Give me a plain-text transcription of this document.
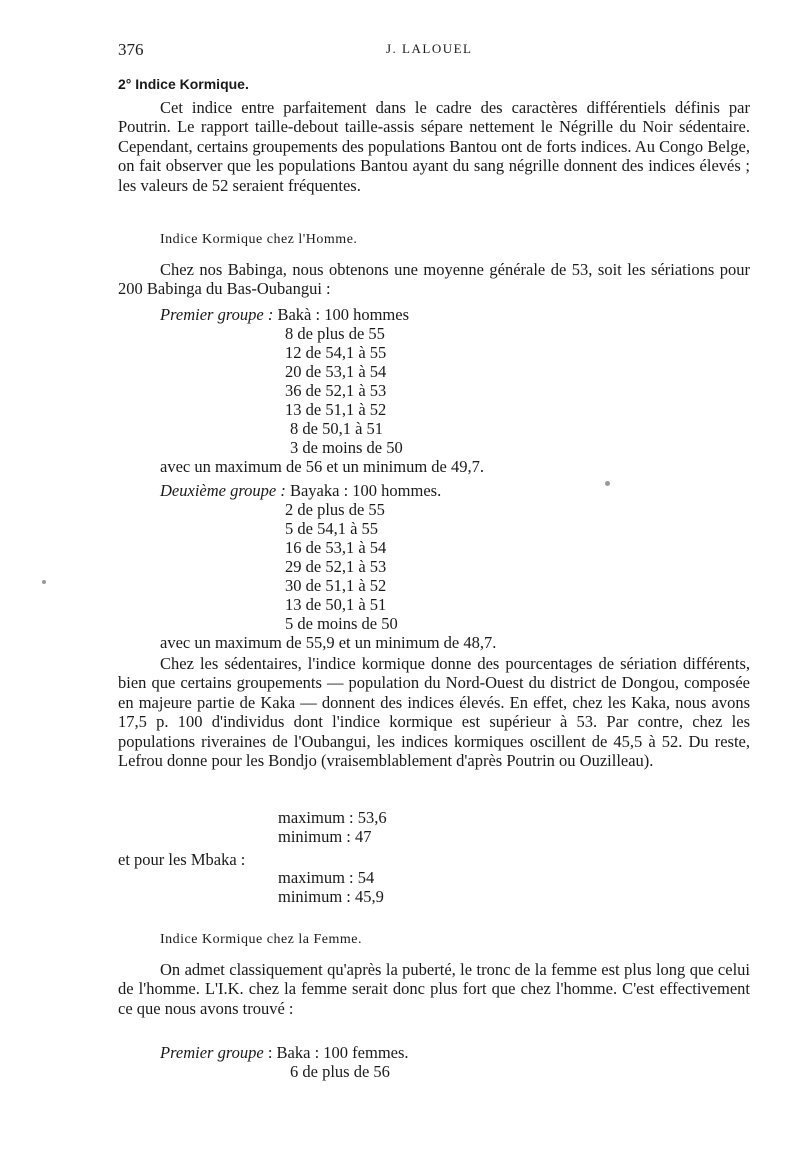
376	J. LALOUEL
2° Indice Kormique.

Cet indice entre parfaitement dans le cadre des caractères différentiels définis par Poutrin. Le rapport taille-debout taille-assis sépare nettement le Négrille du Noir sédentaire. Cependant, certains groupements des populations Bantou ont de forts indices. Au Congo Belge, on fait observer que les populations Bantou ayant du sang négrille donnent des indices élevés ; les valeurs de 52 seraient fréquentes.

Indice Kormique chez l'Homme.

Chez nos Babinga, nous obtenons une moyenne générale de 53, soit les sériations pour 200 Babinga du Bas-Oubangui :

Premier groupe : Bakà : 100 hommes
8 de plus de 55
12 de 54,1 à 55
20 de 53,1 à 54
36 de 52,1 à 53
13 de 51,1 à 52
8 de 50,1 à 51
3 de moins de 50
avec un maximum de 56 et un minimum de 49,7.
Deuxième groupe : Bayaka : 100 hommes.
2 de plus de 55
5 de 54,1 à 55
16 de 53,1 à 54
29 de 52,1 à 53
30 de 51,1 à 52
13 de 50,1 à 51
5 de moins de 50
avec un maximum de 55,9 et un minimum de 48,7.

Chez les sédentaires, l'indice kormique donne des pourcentages de sériation différents, bien que certains groupements — population du Nord-Ouest du district de Dongou, composée en majeure partie de Kaka — donnent des indices élevés. En effet, chez les Kaka, nous avons 17,5 p. 100 d'individus dont l'indice kormique est supérieur à 53. Par contre, chez les populations riveraines de l'Oubangui, les indices kormiques oscillent de 45,5 à 52. Du reste, Lefrou donne pour les Bondjo (vraisemblablement d'après Poutrin ou Ouzilleau).

maximum : 53,6
minimum : 47
et pour les Mbaka :
maximum : 54
minimum : 45,9
Indice Kormique chez la Femme.

On admet classiquement qu'après la puberté, le tronc de la femme est plus long que celui de l'homme. L'I.K. chez la femme serait donc plus fort que chez l'homme. C'est effectivement ce que nous avons trouvé :

Premier groupe : Baka : 100 femmes.
6 de plus de 56
